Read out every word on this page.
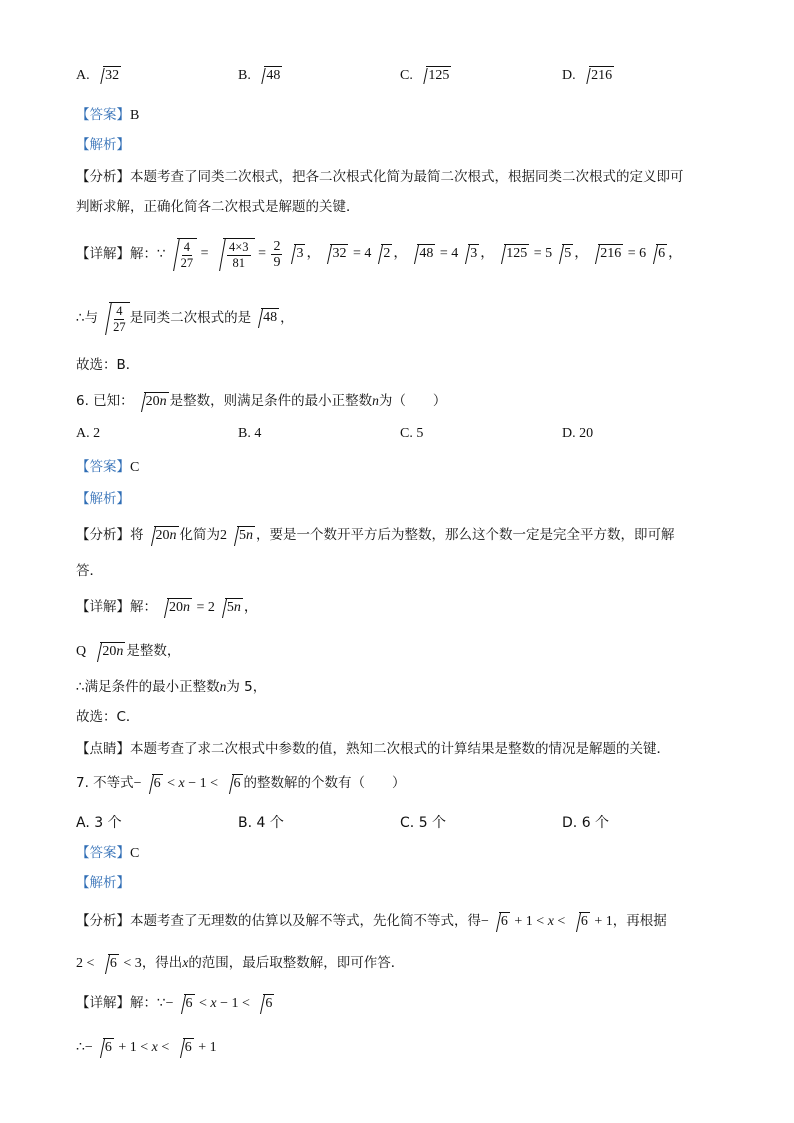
A. 32	B. 48	C. 125	D. 216
【答案】B
【解析】
【分析】本题考查了同类二次根式，把各二次根式化简为最简二次根式，根据同类二次根式的定义即可
判断求解，正确化简各二次根式是解题的关键．
【详解】 解：∵ $\frac{4}{27} = \frac{4\times 3}{81} = \frac{2}{9}$	3 ， 32 = 4 2 ， 48 = 4 3 ， 125 = 5 5 ， 216 = 6 6 ，
∴与 $\frac{4}{27}$ 是同类二次根式的是 48 ，
故选：B．
6. 已知： 20n 是整数，则满足条件的最小正整数n为（　　）
A. 2	B. 4	C. 5	D. 20
【答案】C
【解析】
【分析】将 20n 化简为2 5n ，要是一个数开平方后为整数，那么这个数一定是完全平方数，即可解
答．
【详解】解： 20n = 2 5n ，
Q 20n 是整数，
∴满足条件的最小正整数n为 5，
故选：C．
【点睛】本题考查了求二次根式中参数的值，熟知二次根式的计算结果是整数的情况是解题的关键．
7. 不等式− 6 < x − 1 < 6 的整数解的个数有（　　）
A. 3 个	B. 4 个	C. 5 个	D. 6 个
【答案】C
【解析】
【分析】本题考查了无理数的估算以及解不等式，先化简不等式，得− 6 + 1 < x < 6 + 1，再根据
2 < 6 < 3，得出x的范围，最后取整数解，即可作答．
【详解】解：∵− 6 < x − 1 < 6
∴− 6 + 1 < x < 6 + 1
